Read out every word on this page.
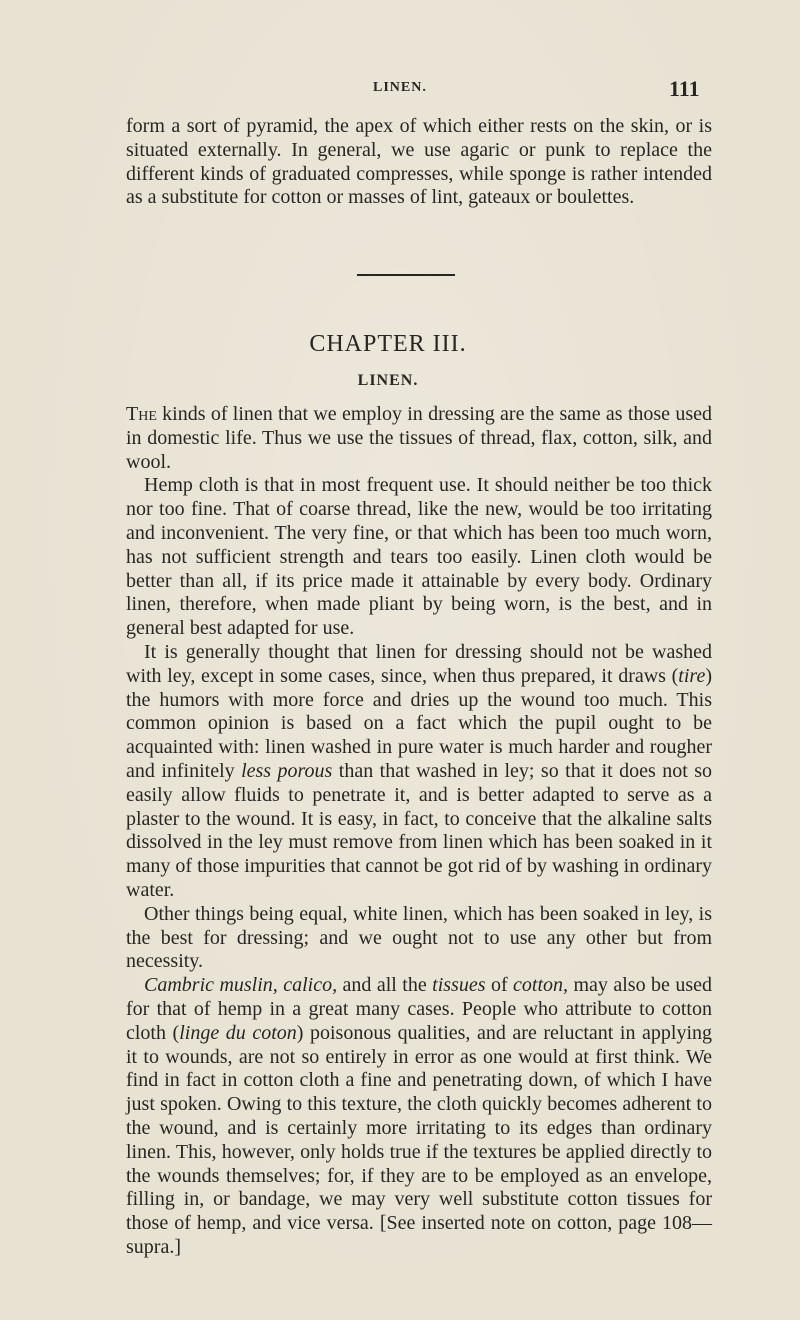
LINEN.	111

form a sort of pyramid, the apex of which either rests on the skin, or is situated externally. In general, we use agaric or punk to replace the different kinds of graduated compresses, while sponge is rather intended as a substitute for cotton or masses of lint, gateaux or boulettes.

CHAPTER III.
LINEN.

The kinds of linen that we employ in dressing are the same as those used in domestic life. Thus we use the tissues of thread, flax, cotton, silk, and wool.

Hemp cloth is that in most frequent use. It should neither be too thick nor too fine. That of coarse thread, like the new, would be too irritating and inconvenient. The very fine, or that which has been too much worn, has not sufficient strength and tears too easily. Linen cloth would be better than all, if its price made it attainable by every body. Ordinary linen, therefore, when made pliant by being worn, is the best, and in general best adapted for use.

It is generally thought that linen for dressing should not be washed with ley, except in some cases, since, when thus prepared, it draws (tire) the humors with more force and dries up the wound too much. This common opinion is based on a fact which the pupil ought to be acquainted with: linen washed in pure water is much harder and rougher and infinitely less porous than that washed in ley; so that it does not so easily allow fluids to penetrate it, and is better adapted to serve as a plaster to the wound. It is easy, in fact, to conceive that the alkaline salts dissolved in the ley must remove from linen which has been soaked in it many of those impurities that cannot be got rid of by washing in ordinary water.

Other things being equal, white linen, which has been soaked in ley, is the best for dressing; and we ought not to use any other but from necessity.

Cambric muslin, calico, and all the tissues of cotton, may also be used for that of hemp in a great many cases. People who attribute to cotton cloth (linge du coton) poisonous qualities, and are reluctant in applying it to wounds, are not so entirely in error as one would at first think. We find in fact in cotton cloth a fine and penetrating down, of which I have just spoken. Owing to this texture, the cloth quickly becomes adherent to the wound, and is certainly more irritating to its edges than ordinary linen. This, however, only holds true if the textures be applied directly to the wounds themselves; for, if they are to be employed as an envelope, filling in, or bandage, we may very well substitute cotton tissues for those of hemp, and vice versa. [See inserted note on cotton, page 108—supra.]
